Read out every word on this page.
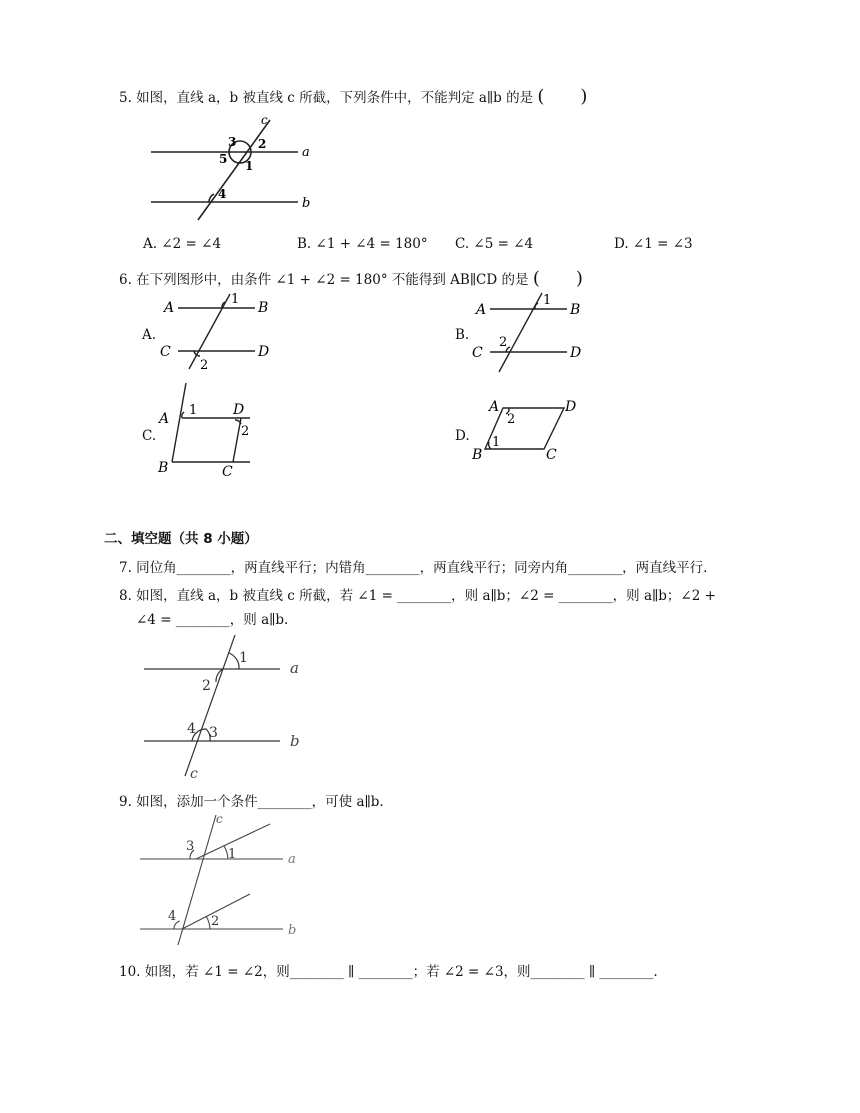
5. 如图，直线 a，b 被直线 c 所截，下列条件中，不能判定 a∥b 的是 (　　)
c
a
b
3 2
5 1
4
A. ∠2 = ∠4	B. ∠1 + ∠4 = 180° C. ∠5 = ∠4	D. ∠1 = ∠3
6. 在下列图形中，由条件 ∠1 + ∠2 = 180° 不能得到 AB∥CD 的是 (　　)
A.
A	B
C	D
1
2
B.
A	B
C	D
1
2
C.
A
1	D
2
B	C
D.
A	D
2
1
B	C
二、填空题（共 8 小题）
7. 同位角________，两直线平行；内错角________，两直线平行；同旁内角________，两直线平行.
8. 如图，直线 a，b 被直线 c 所截，若 ∠1 = ________，则 a∥b；∠2 = ________，则 a∥b；∠2 +
∠4 = ________，则 a∥b.
1
2
4 3
a
b
c
9. 如图，添加一个条件________，可使 a∥b.
c
3
1	a
4	2
b
10. 如图，若 ∠1 = ∠2，则________ ∥ ________；若 ∠2 = ∠3，则________ ∥ ________.
